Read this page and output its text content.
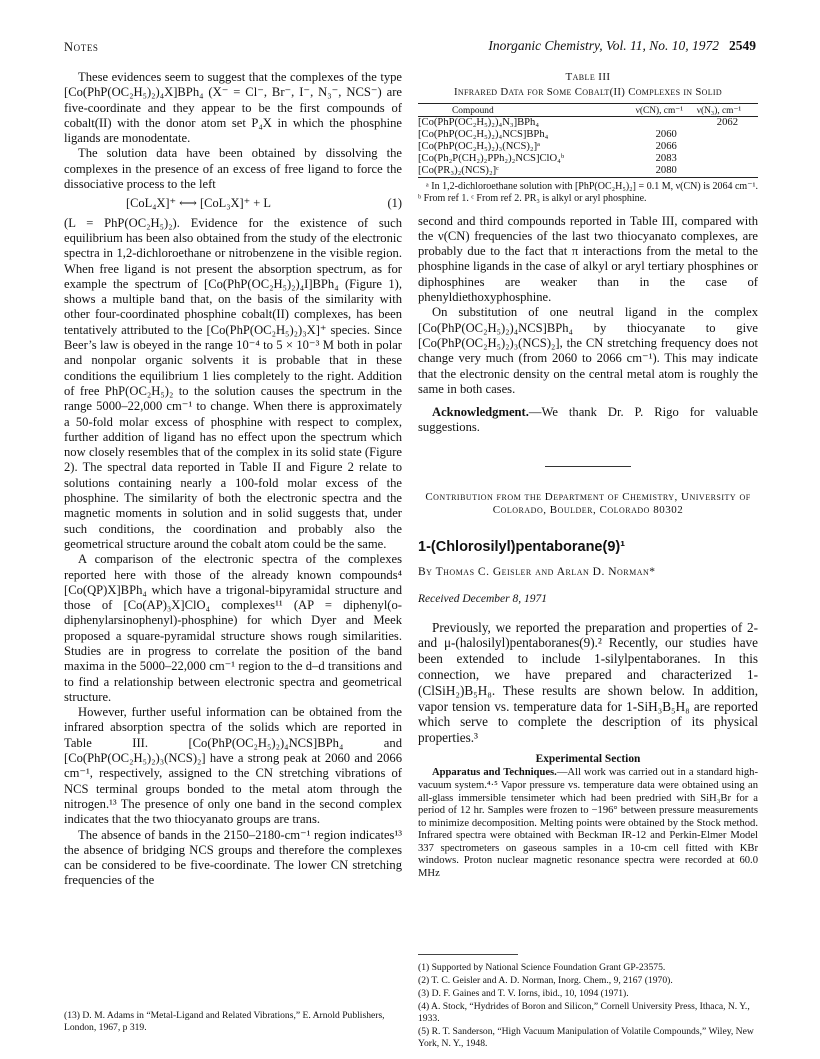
Notes	Inorganic Chemistry, Vol. 11, No. 10, 1972 2549

These evidences seem to suggest that the complexes of the type [Co(PhP(OC₂H₅)₂)₄X]BPh₄ (X⁻ = Cl⁻, Br⁻, I⁻, N₃⁻, NCS⁻) are five-coordinate and they appear to be the first compounds of cobalt(II) with the donor atom set P₄X in which the phosphine ligands are monodentate.

The solution data have been obtained by dissolving the complexes in the presence of an excess of free ligand to force the dissociative process to the left

[CoL₄X]⁺ ⟷ [CoL₃X]⁺ + L	(1)

(L = PhP(OC₂H₅)₂). Evidence for the existence of such equilibrium has been also obtained from the study of the electronic spectra in 1,2-dichloroethane or nitrobenzene in the visible region. When free ligand is not present the absorption spectrum, as for example the spectrum of [Co(PhP(OC₂H₅)₂)₄I]BPh₄ (Figure 1), shows a multiple band that, on the basis of the similarity with other four-coordinated phosphine cobalt(II) complexes, has been tentatively attributed to the [Co(PhP(OC₂H₅)₂)₃X]⁺ species. Since Beer’s law is obeyed in the range 10⁻⁴ to 5 × 10⁻³ M both in polar and nonpolar organic solvents it is probable that in these conditions the equilibrium 1 lies completely to the right. Addition of free PhP(OC₂H₅)₂ to the solution causes the spectrum in the range 5000–22,000 cm⁻¹ to change. When there is approximately a 50-fold molar excess of phosphine with respect to complex, further addition of ligand has no effect upon the spectrum which now closely resembles that of the complex in its solid state (Figure 2). The spectral data reported in Table II and Figure 2 relate to solutions containing nearly a 100-fold molar excess of the phosphine. The similarity of both the electronic spectra and the magnetic moments in solution and in solid suggests that, under such conditions, the coordination and probably also the geometrical structure around the cobalt atom could be the same.

A comparison of the electronic spectra of the complexes reported here with those of the already known compounds⁴ [Co(QP)X]BPh₄ which have a trigonal-bipyramidal structure and those of [Co(AP)₃X]ClO₄ complexes¹¹ (AP = diphenyl(o-diphenylarsinophenyl)-phosphine) for which Dyer and Meek proposed a square-pyramidal structure shows rough similarities. Studies are in progress to correlate the position of the band maxima in the 5000–22,000 cm⁻¹ region to the d–d transitions and to find a relationship between electronic spectra and geometrical structure.

However, further useful information can be obtained from the infrared absorption spectra of the solids which are reported in Table III. [Co(PhP(OC₂H₅)₂)₄NCS]BPh₄ and [Co(PhP(OC₂H₅)₂)₃(NCS)₂] have a strong peak at 2060 and 2066 cm⁻¹, respectively, assigned to the CN stretching vibrations of NCS terminal groups bonded to the metal atom through the nitrogen.¹³ The presence of only one band in the second complex indicates that the two thiocyanato groups are trans.

The absence of bands in the 2150–2180-cm⁻¹ region indicates¹³ the absence of bridging NCS groups and therefore the complexes can be considered to be five-coordinate. The lower CN stretching frequencies of the

(13) D. M. Adams in “Metal-Ligand and Related Vibrations,” E. Arnold Publishers, London, 1967, p 319.
Table III
Infrared Data for Some Cobalt(II) Complexes in Solid
Compound	ν(CN), cm⁻¹	ν(N₃), cm⁻¹
[Co(PhP(OC₂H₅)₂)₄N₃]BPh₄		2062
[Co(PhP(OC₂H₅)₂)₄NCS]BPh₄	2060	
[Co(PhP(OC₂H₅)₂)₃(NCS)₂]ᵃ	2066	
[Co(Ph₂P(CH₂)₂PPh₂)₂NCS]ClO₄ᵇ	2083	
[Co(PR₃)₂(NCS)₂]ᶜ	2080	
ᵃ In 1,2-dichloroethane solution with [PhP(OC₂H₅)₂] = 0.1 M, ν(CN) is 2064 cm⁻¹. ᵇ From ref 1. ᶜ From ref 2. PR₃ is alkyl or aryl phosphine.

second and third compounds reported in Table III, compared with the ν(CN) frequencies of the last two thiocyanato complexes, are probably due to the fact that π interactions from the metal to the phosphine ligands in the case of alkyl or aryl tertiary phosphines or diphosphines are weaker than in the case of phenyldiethoxyphosphine.

On substitution of one neutral ligand in the complex [Co(PhP(OC₂H₅)₂)₄NCS]BPh₄ by thiocyanate to give [Co(PhP(OC₂H₅)₂)₃(NCS)₂], the CN stretching frequency does not change very much (from 2060 to 2066 cm⁻¹). This may indicate that the electronic density on the central metal atom is roughly the same in both cases.

Acknowledgment.—We thank Dr. P. Rigo for valuable suggestions.

Contribution from the Department of Chemistry, University of Colorado, Boulder, Colorado 80302
1-(Chlorosilyl)pentaborane(9)¹
By Thomas C. Geisler and Arlan D. Norman*
Received December 8, 1971

Previously, we reported the preparation and properties of 2- and μ-(halosilyl)pentaboranes(9).² Recently, our studies have been extended to include 1-silylpentaboranes. In this connection, we have prepared and characterized 1-(ClSiH₂)B₅H₈. These results are shown below. In addition, vapor tension vs. temperature data for 1-SiH₃B₅H₈ are reported which serve to complete the description of its physical properties.³

Experimental Section

Apparatus and Techniques.—All work was carried out in a standard high-vacuum system.⁴·⁵ Vapor pressure vs. temperature data were obtained using an all-glass immersible tensimeter which had been predried with SiH₃Br for a period of 12 hr. Samples were frozen to −196° between pressure measurements to minimize decomposition. Melting points were obtained by the Stock method. Infrared spectra were obtained with Beckman IR-12 and Perkin-Elmer Model 337 spectrometers on gaseous samples in a 10-cm cell fitted with KBr windows. Proton nuclear magnetic resonance spectra were recorded at 60.0 MHz

(1) Supported by National Science Foundation Grant GP-23575.
(2) T. C. Geisler and A. D. Norman, Inorg. Chem., 9, 2167 (1970).
(3) D. F. Gaines and T. V. Iorns, ibid., 10, 1094 (1971).
(4) A. Stock, “Hydrides of Boron and Silicon,” Cornell University Press, Ithaca, N. Y., 1933.
(5) R. T. Sanderson, “High Vacuum Manipulation of Volatile Compounds,” Wiley, New York, N. Y., 1948.
